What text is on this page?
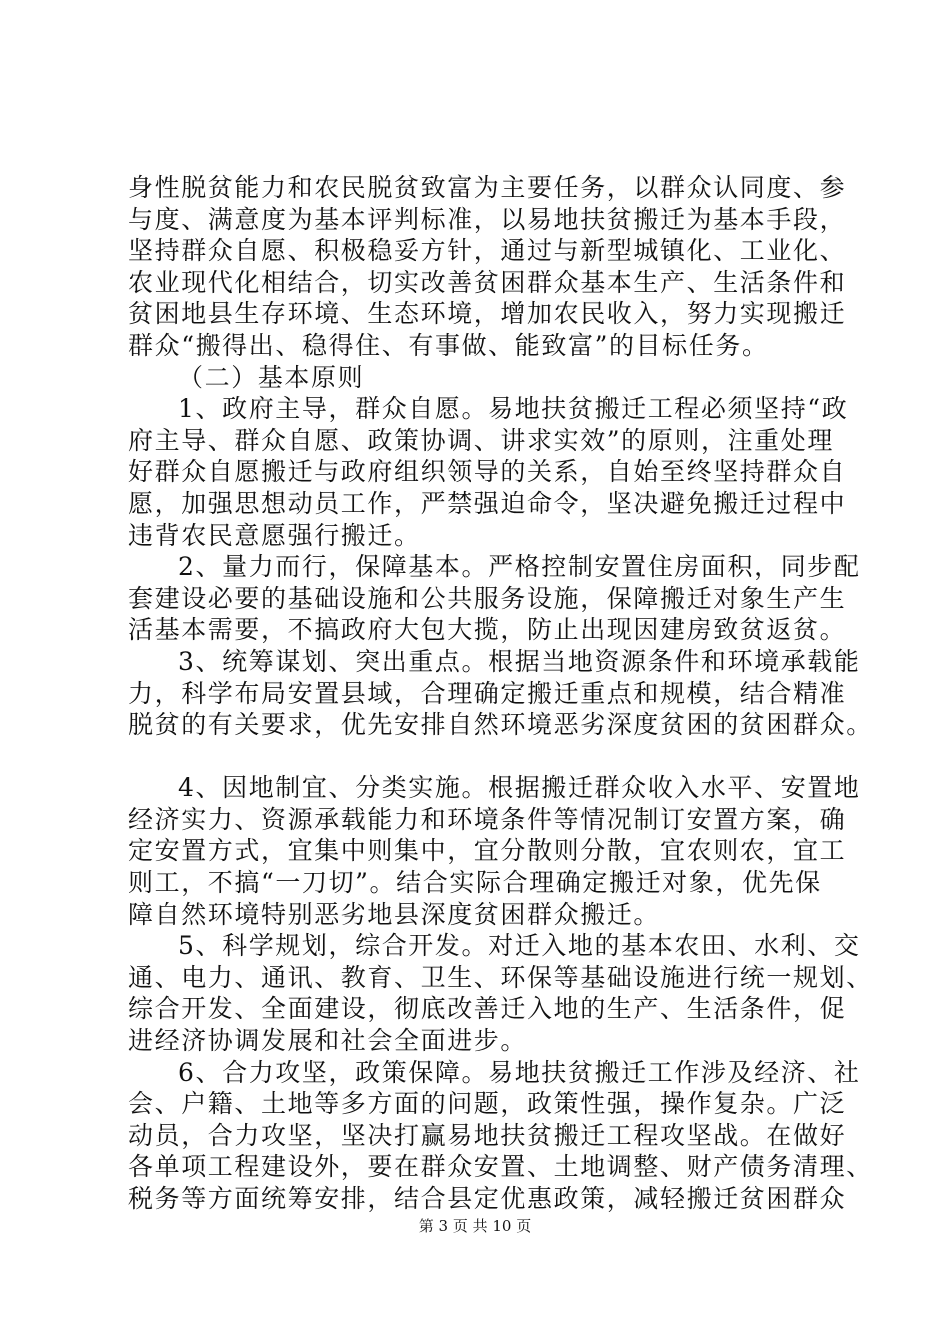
身性脱贫能力和农民脱贫致富为主要任务，以群众认同度、参
与度、满意度为基本评判标准，以易地扶贫搬迁为基本手段，
坚持群众自愿、积极稳妥方针，通过与新型城镇化、工业化、
农业现代化相结合，切实改善贫困群众基本生产、生活条件和
贫困地县生存环境、生态环境，增加农民收入，努力实现搬迁
群众“搬得出、稳得住、有事做、能致富”的目标任务。
（二）基本原则
1、政府主导，群众自愿。易地扶贫搬迁工程必须坚持“政
府主导、群众自愿、政策协调、讲求实效”的原则，注重处理
好群众自愿搬迁与政府组织领导的关系，自始至终坚持群众自
愿，加强思想动员工作，严禁强迫命令，坚决避免搬迁过程中
违背农民意愿强行搬迁。
2、量力而行，保障基本。严格控制安置住房面积，同步配
套建设必要的基础设施和公共服务设施，保障搬迁对象生产生
活基本需要，不搞政府大包大揽，防止出现因建房致贫返贫。
3、统筹谋划、突出重点。根据当地资源条件和环境承载能
力，科学布局安置县域，合理确定搬迁重点和规模，结合精准
脱贫的有关要求，优先安排自然环境恶劣深度贫困的贫困群众。
4、因地制宜、分类实施。根据搬迁群众收入水平、安置地
经济实力、资源承载能力和环境条件等情况制订安置方案，确
定安置方式，宜集中则集中，宜分散则分散，宜农则农，宜工
则工，不搞“一刀切”。结合实际合理确定搬迁对象，优先保
障自然环境特别恶劣地县深度贫困群众搬迁。
5、科学规划，综合开发。对迁入地的基本农田、水利、交
通、电力、通讯、教育、卫生、环保等基础设施进行统一规划、
综合开发、全面建设，彻底改善迁入地的生产、生活条件，促
进经济协调发展和社会全面进步。
6、合力攻坚，政策保障。易地扶贫搬迁工作涉及经济、社
会、户籍、土地等多方面的问题，政策性强，操作复杂。广泛
动员，合力攻坚，坚决打赢易地扶贫搬迁工程攻坚战。在做好
各单项工程建设外，要在群众安置、土地调整、财产债务清理、
税务等方面统筹安排，结合县定优惠政策，减轻搬迁贫困群众
第 3 页 共 10 页
